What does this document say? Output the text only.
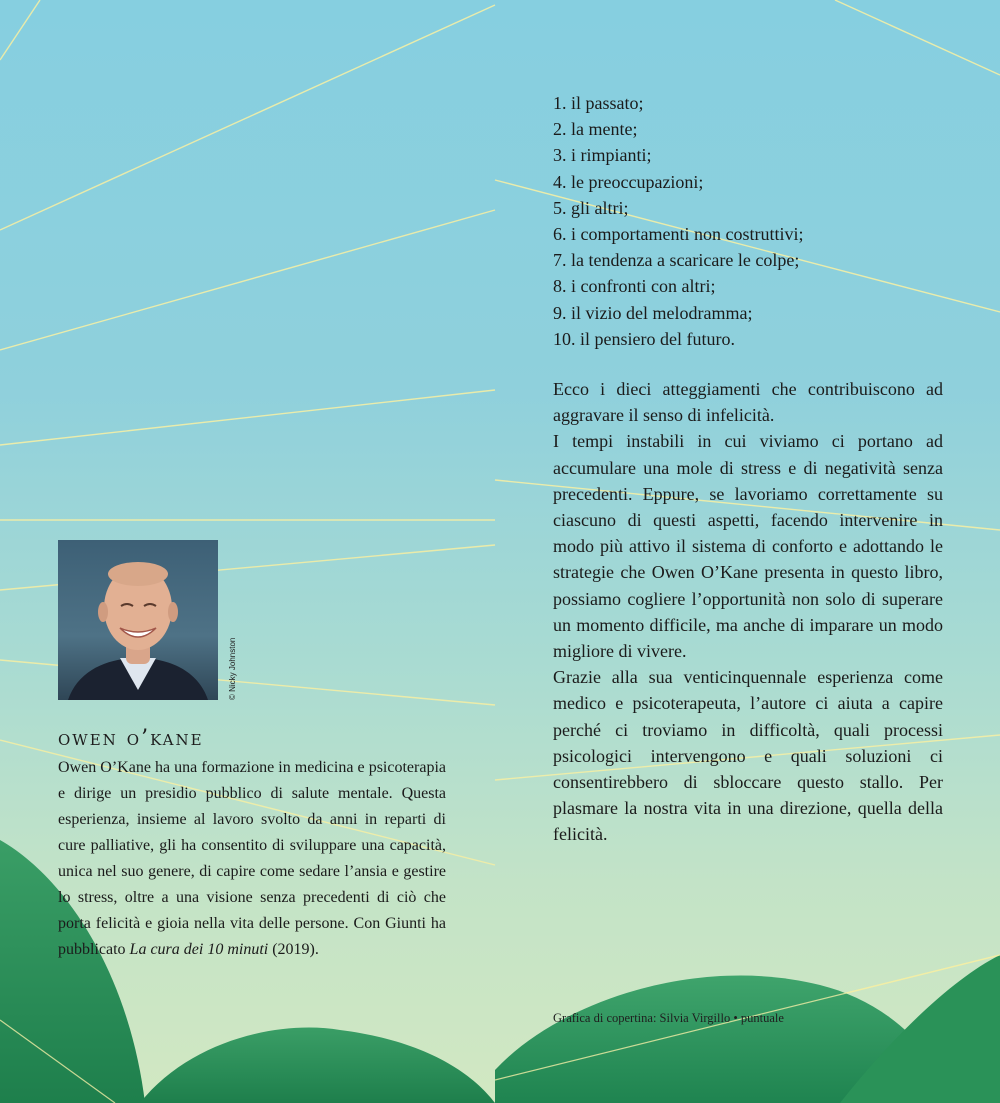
© Nicky Johnston
owen o’kane
Owen O’Kane ha una formazione in medicina e psicoterapia e dirige un presidio pubblico di salute mentale. Questa esperienza, insieme al lavoro svolto da anni in reparti di cure palliative, gli ha consentito di sviluppare una capacità, unica nel suo genere, di capire come sedare l’ansia e gestire lo stress, oltre a una visione senza precedenti di ciò che porta felicità e gioia nella vita delle persone. Con Giunti ha pubblicato La cura dei 10 minuti (2019).
1. il passato;
2. la mente;
3. i rimpianti;
4. le preoccupazioni;
5. gli altri;
6. i comportamenti non costruttivi;
7. la tendenza a scaricare le colpe;
8. i confronti con altri;
9. il vizio del melodramma;
10. il pensiero del futuro.

Ecco i dieci atteggiamenti che contribuiscono ad aggravare il senso di infelicità.

I tempi instabili in cui viviamo ci portano ad accumulare una mole di stress e di negatività senza precedenti. Eppure, se lavoriamo correttamente su ciascuno di questi aspetti, facendo intervenire in modo più attivo il sistema di conforto e adottando le strategie che Owen O’Kane presenta in questo libro, possiamo cogliere l’opportunità non solo di superare un momento difficile, ma anche di imparare un modo migliore di vivere.

Grazie alla sua venticinquennale esperienza come medico e psicoterapeuta, l’autore ci aiuta a capire perché ci troviamo in difficoltà, quali processi psicologici intervengono e quali soluzioni ci consentirebbero di sbloccare questo stallo. Per plasmare la nostra vita in una direzione, quella della felicità.

Grafica di copertina: Silvia Virgillo • puntuale
